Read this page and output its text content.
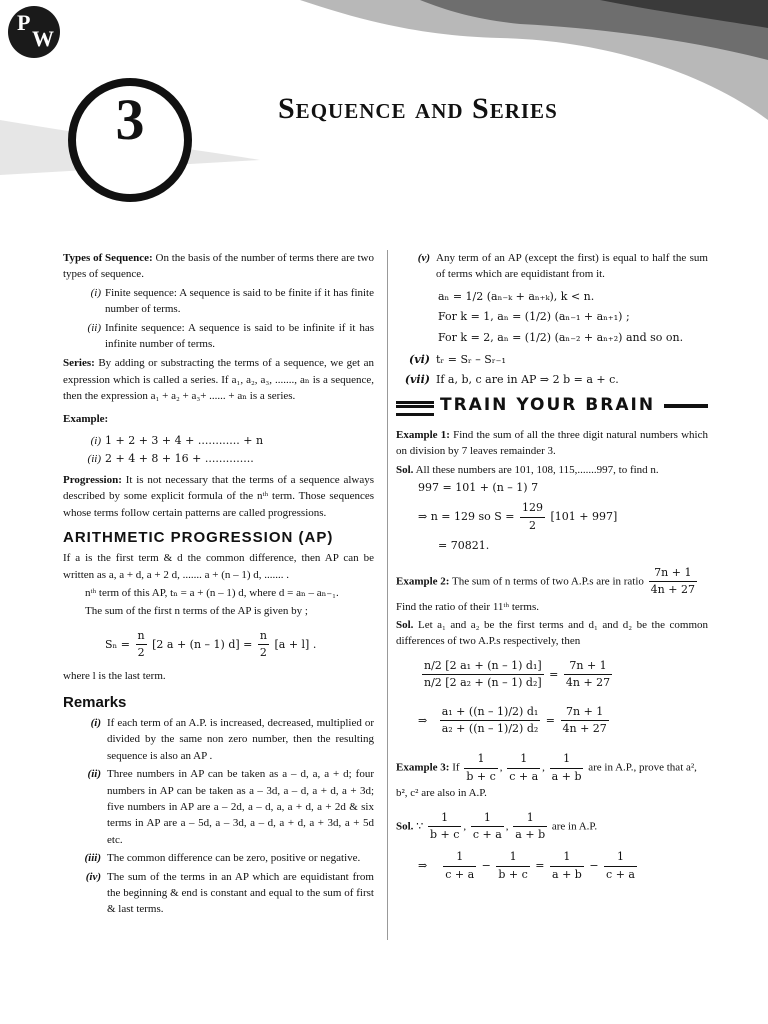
P
W
3	Sequence and Series

Types of Sequence: On the basis of the number of terms there are two types of sequence.

(i) Finite sequence: A sequence is said to be finite if it has finite number of terms.

(ii) Infinite sequence: A sequence is said to be infinite if it has infinite number of terms.

Series: By adding or substracting the terms of a sequence, we get an expression which is called a series. If a₁, a₂, a₃, ......., aₙ is a sequence, then the expression a₁ + a₂ + a₃+ ...... + aₙ is a series.

Example:

(i) 1 + 2 + 3 + 4 + ............ + n

(ii) 2 + 4 + 8 + 16 + ..............

Progression: It is not necessary that the terms of a sequence always described by some explicit formula of the nᵗʰ term. Those sequences whose terms follow certain patterns are called progressions.

ARITHMETIC PROGRESSION (AP)

If a is the first term & d the common difference, then AP can be written as a, a + d, a + 2 d, ....... a + (n – 1) d, ....... .

nᵗʰ term of this AP, tₙ = a + (n – 1) d, where d = aₙ – aₙ₋₁.

The sum of the first n terms of the AP is given by ;

$S_n = \frac{n}{2} [2$ a + (n – 1) $d] = \frac{n}{2} [a + l]$ .

where l is the last term.

Remarks

(i) If each term of an A.P. is increased, decreased, multiplied or divided by the same non zero number, then the resulting sequence is also an AP .

(ii) Three numbers in AP can be taken as a – d, a, a + d; four numbers in AP can be taken as a – 3d, a – d, a + d, a + 3d; five numbers in AP are a – 2d, a – d, a, a + d, a + 2d & six terms in AP are a – 5d, a – 3d, a – d, a + d, a + 3d, a + 5d etc.

(iii) The common difference can be zero, positive or negative.

(iv) The sum of the terms in an AP which are equidistant from the beginning & end is constant and equal to the sum of first & last terms.

(v) Any term of an AP (except the first) is equal to half the sum of terms which are equidistant from it.

aₙ = 1/2 (aₙ₋ₖ + aₙ₊ₖ), k < n.

For k = 1, aₙ = (1/2) (aₙ₋₁ + aₙ₊₁) ;

For k = 2, aₙ = (1/2) (aₙ₋₂ + aₙ₊₂) and so on.

(vi) tᵣ = Sᵣ – Sᵣ₋₁

(vii) If a, b, c are in AP ⇒ 2 b = a + c.

TRAIN YOUR BRAIN

Example 1: Find the sum of all the three digit natural numbers which on division by 7 leaves remainder 3.

Sol. All these numbers are 101, 108, 115,.......997, to find n.

997 = 101 + (n – 1) 7

⇒ n = 129 so $S = \frac{129}{2} [101 + 997]$

= 70821.

Example 2: The sum of n terms of two A.P.s are in ratio $\frac{7n + 1}{4n + 27}$

Find the ratio of their 11ᵗʰ terms.

Sol. Let a₁ and a₂ be the first terms and d₁ and d₂ be the common differences of two A.P.s respectively, then

$\frac{\text{n/2 [2 a₁ + (n – 1) d₁]}}{\text{n/2 [2 a₂ + (n – 1) d₂]}} = \frac{7n + 1}{4n + 27}$
⇒ $\frac{\text{a₁ + ((n – 1)/2) d₁}}{\text{a₂ + ((n – 1)/2) d₂}} = \frac{7n + 1}{4n + 27}$
Example 3: If $\frac{1}{b + c}$ , $\frac{1}{c + a}$ , $\frac{1}{a + b}$ are in A.P., prove that a², b², c² are also in A.P.
Sol. ∵ $\frac{1}{b + c}$ , $\frac{1}{c + a}$ , $\frac{1}{a + b}$ are in A.P.
⇒ $\frac{1}{c + a} - \frac{1}{b + c} = \frac{1}{a + b} - \frac{1}{c + a}$
